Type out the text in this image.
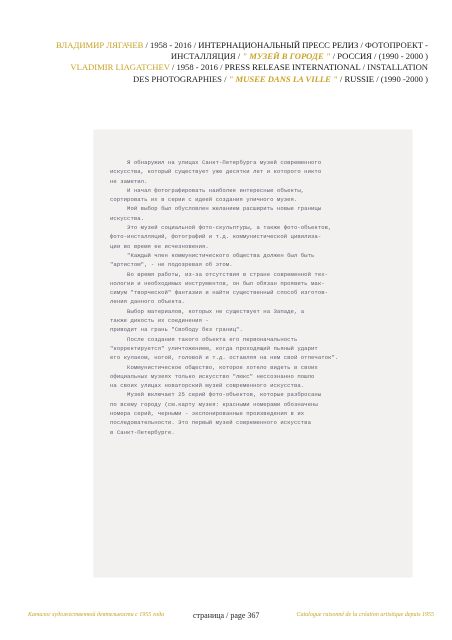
ВЛАДИМИР ЛЯГАЧЕВ / 1958 - 2016 / ИНТЕРНАЦИОНАЛЬНЫЙ ПРЕСС РЕЛИЗ / ФОТОПРОЕКТ -
ИНСТАЛЛЯЦИЯ / " МУЗЕЙ В ГОРОДЕ " / РОССИЯ / (1990 - 2000 )
VLADIMIR LIAGATCHEV / 1958 - 2016 / PRESS RELEASE INTERNATIONAL / INSTALLATION
DES PHOTOGRAPHIES / " MUSEE DANS LA VILLE " / RUSSIE / (1990 -2000 )
Я обнаружил на улицах Санкт-Петербурга музей современного
искусства, который существует уже десятки лет и которого никто
не заметил.
И начал фотографировать наиболее интересные объекты,
сортировать их в серии с идеей создания уличного музея.
Мой выбор был обусловлен желанием расширить новые границы
искусства.
Это музей социальной фото-скульптуры, а также фото-объектов,
фото-инсталляций, фотографий и т.д. коммунистической цивилиза-
ции во время ее исчезновения.
"Каждый член коммунистического общества должен был быть
"артистом", - не подозревая об этом.
Во время работы, из-за отсутствия в стране современной тех-
нологии и необходимых инструментов, он был обязан проявить мак-
симум "творческой" фантазии и найти существенный способ изготов-
ления данного объекта.
Выбор материалов, которых не существует на Западе, а
также дикость их соединения -
приводит на грань "Свободу без границ".
После создания такого объекта его первоначальность
"корректируется" уличтожением, когда проходящий пьяный ударит
его кулаком, ногой, головой и т.д. оставляя на нем свой отпечаток".
Коммунистическое общество, которое хотело видеть в своих
официальных музеях только искусство "люкс" нессознанно пошло
на своих улицах новаторский музей современного искусства.
Музей включает 25 серий фото-объектов, которые разбросаны
по всему городу (см.карту музея: красными номерами обозначены
номера серий, черными - экспонированные произведения в их
последовательности. Это первый музей современного искусства
в Санкт-Петербурге.
Каталог художественной деятельности с 1955 года	страница / page 367	Catalogue raisonné de la création artistique depuis 1955
